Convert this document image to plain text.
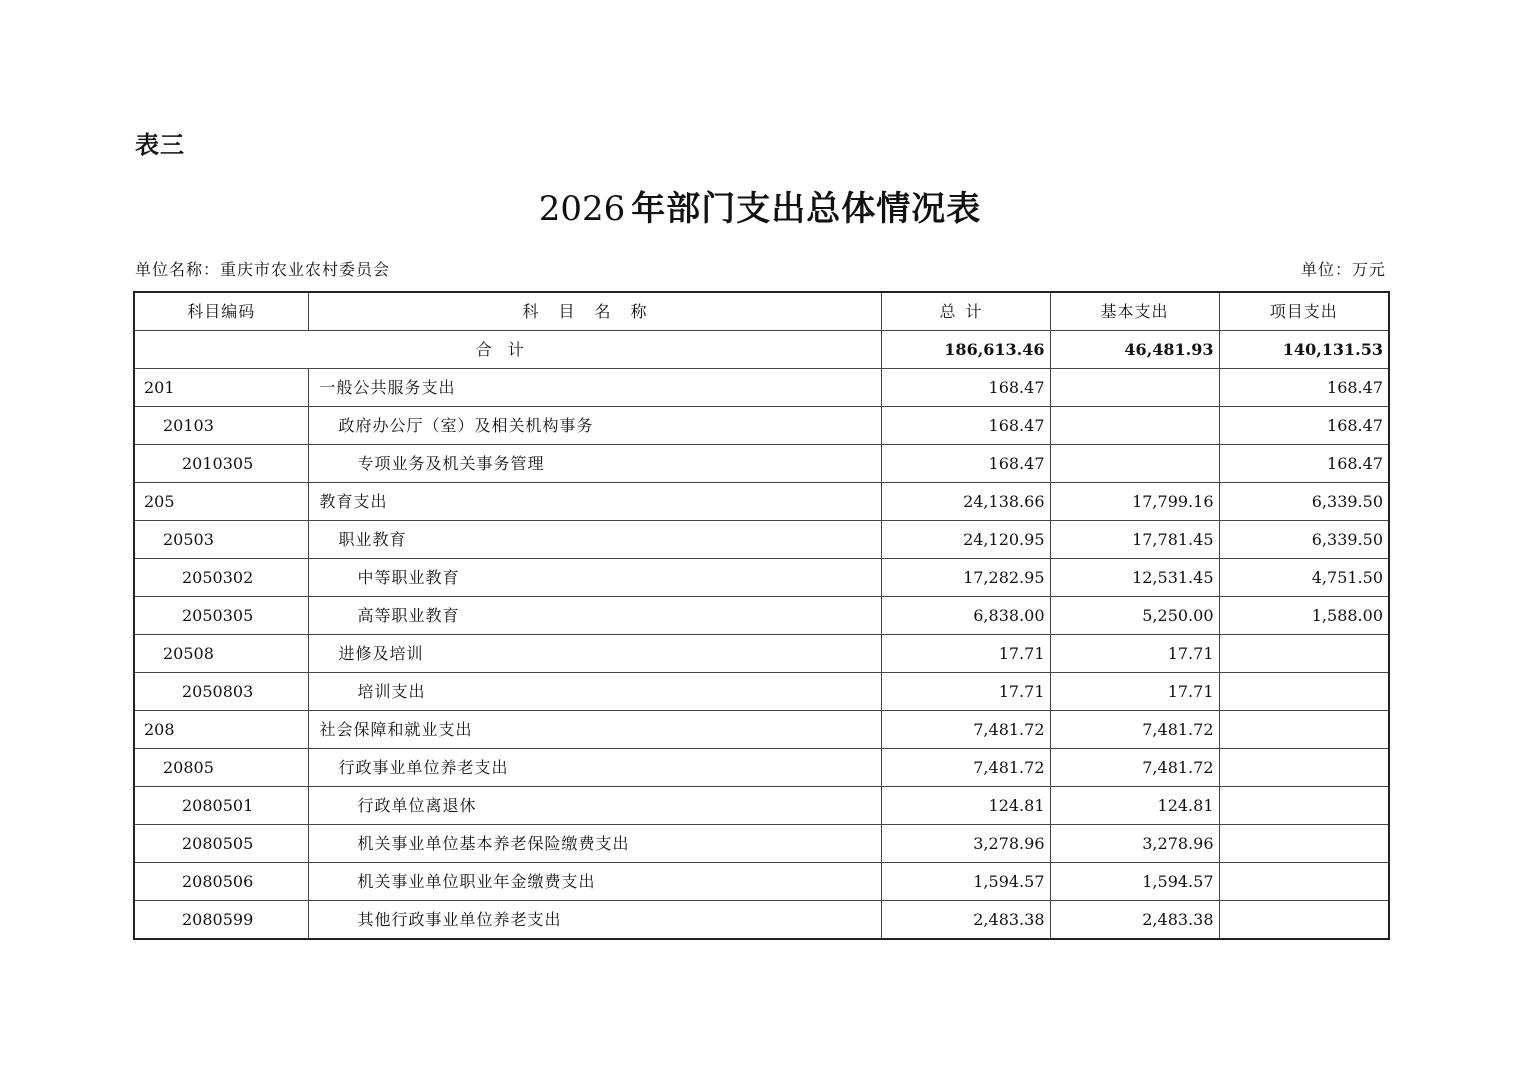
表三
2026 年部门支出总体情况表
单位名称：重庆市农业农村委员会	单位：万元
科目编码	科目名称	总计	基本支出	项目支出
合计		186,613.46	46,481.93	140,131.53
201	一般公共服务支出	168.47		168.47
20103	政府办公厅（室）及相关机构事务	168.47		168.47
2010305	专项业务及机关事务管理	168.47		168.47
205	教育支出	24,138.66	17,799.16	6,339.50
20503	职业教育	24,120.95	17,781.45	6,339.50
2050302	中等职业教育	17,282.95	12,531.45	4,751.50
2050305	高等职业教育	6,838.00	5,250.00	1,588.00
20508	进修及培训	17.71	17.71	
2050803	培训支出	17.71	17.71	
208	社会保障和就业支出	7,481.72	7,481.72	
20805	行政事业单位养老支出	7,481.72	7,481.72	
2080501	行政单位离退休	124.81	124.81	
2080505	机关事业单位基本养老保险缴费支出	3,278.96	3,278.96	
2080506	机关事业单位职业年金缴费支出	1,594.57	1,594.57	
2080599	其他行政事业单位养老支出	2,483.38	2,483.38	
